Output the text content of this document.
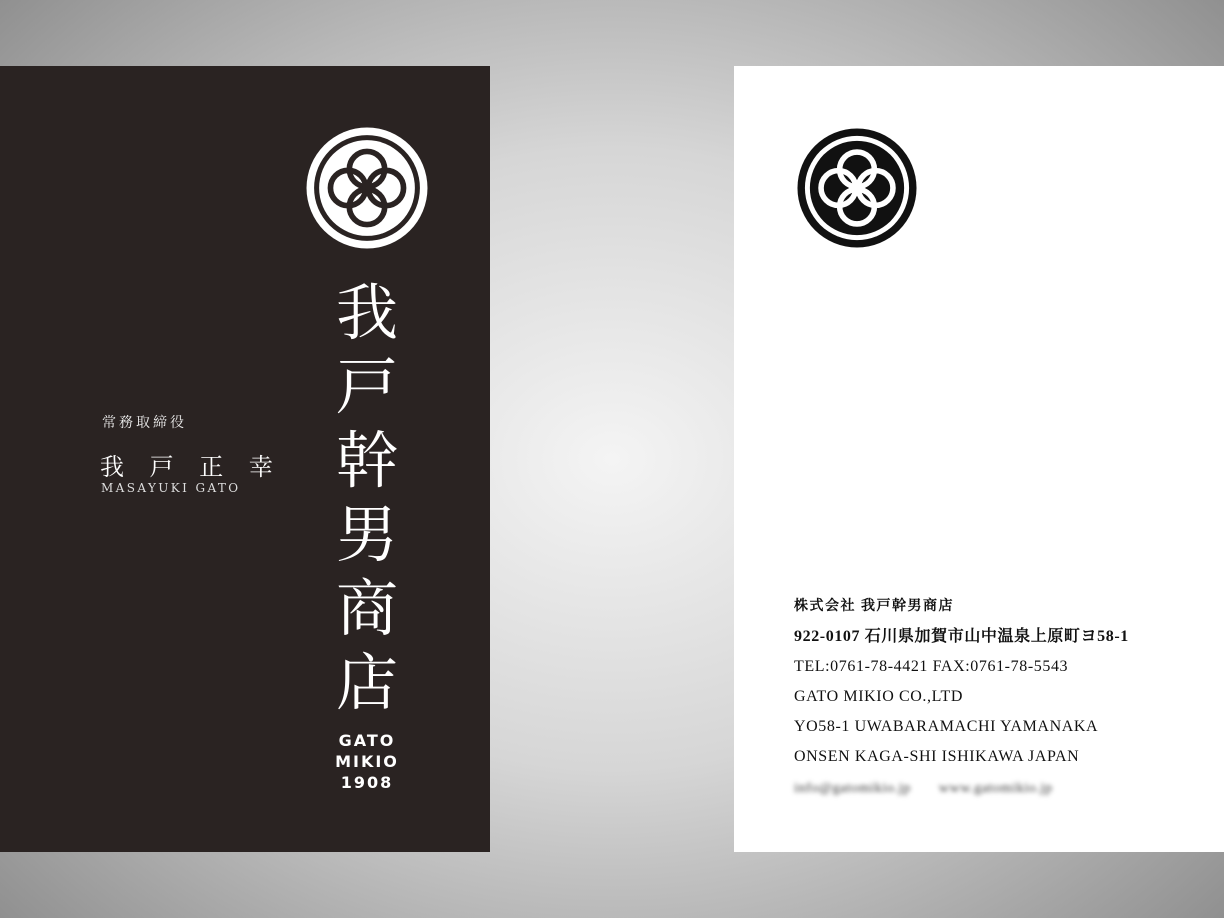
我
戸
幹
男
商
店
GATO
MIKIO
1908
常務取締役
我 戸 正 幸
MASAYUKI GATO
株式会社 我戸幹男商店
922-0107 石川県加賀市山中温泉上原町ヨ58-1
TEL:0761-78-4421 FAX:0761-78-5543
GATO MIKIO CO.,LTD
YO58-1 UWABARAMACHI YAMANAKA
ONSEN KAGA-SHI ISHIKAWA JAPAN
info@gatomikio.jp www.gatomikio.jp
